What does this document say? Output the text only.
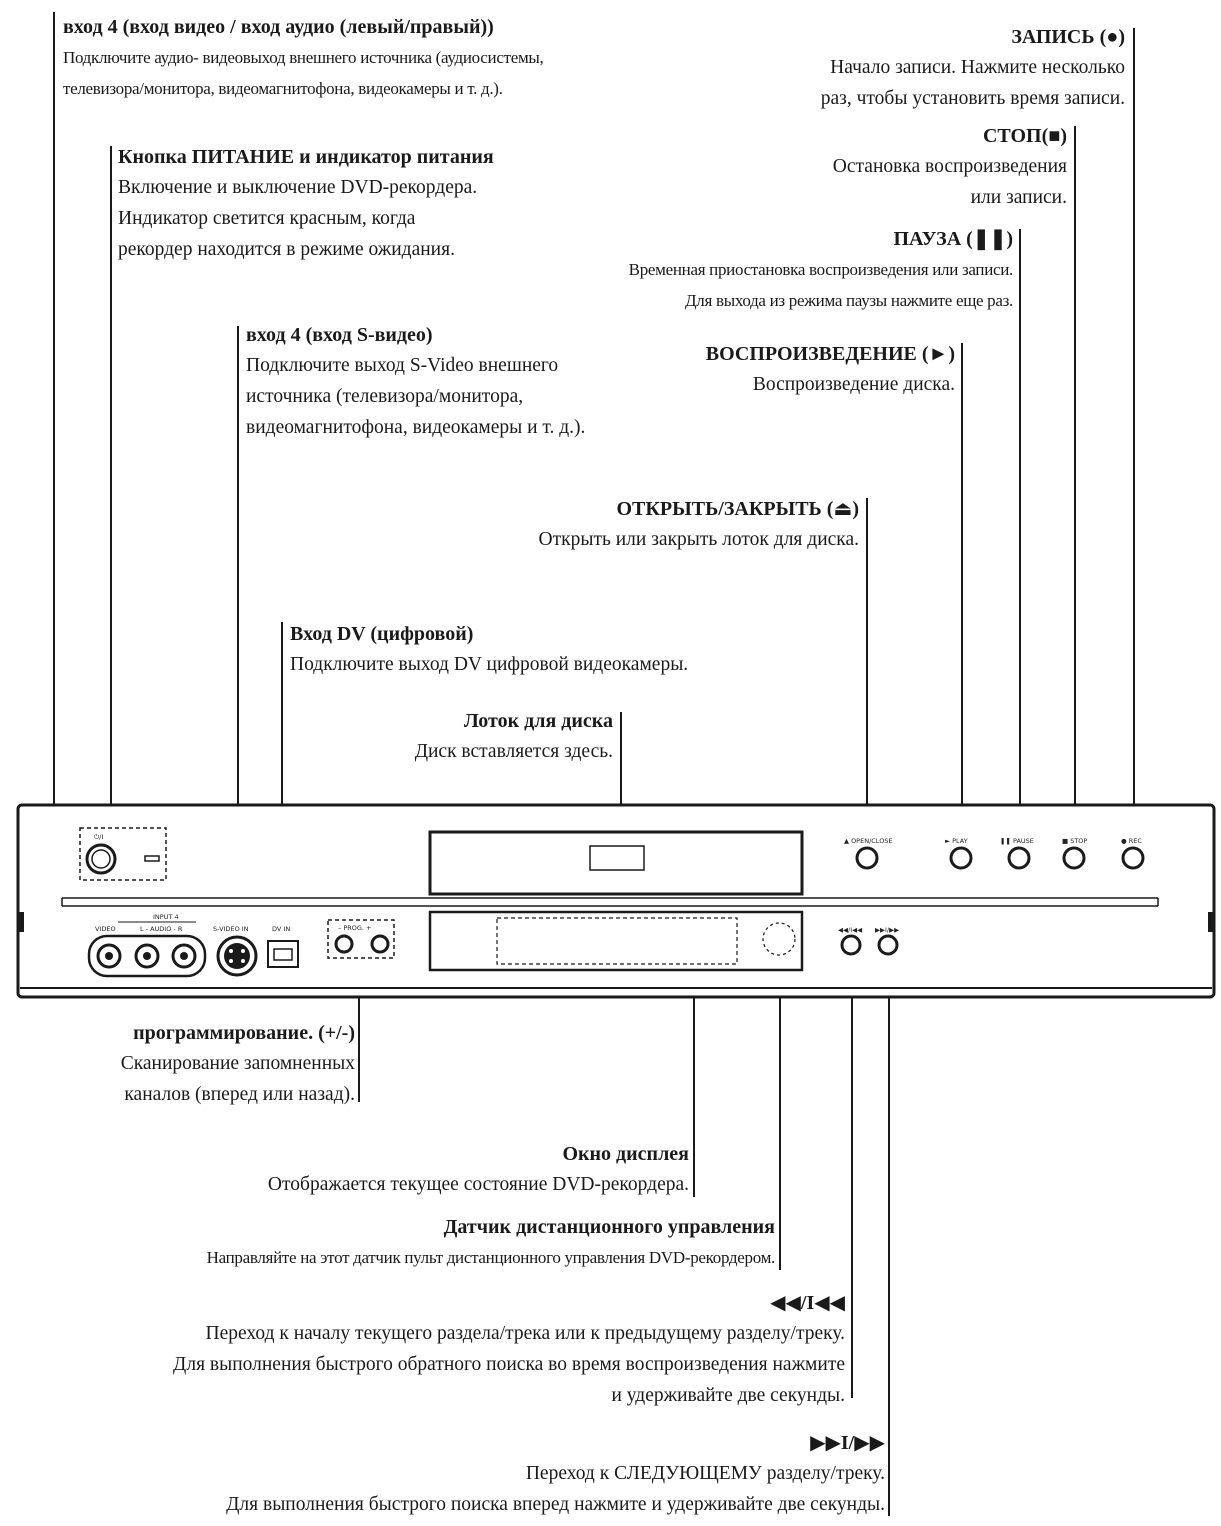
вход 4 (вход видео / вход аудио (левый/правый))
Подключите аудио- видеовыход внешнего источника (аудиосистемы,
телевизора/монитора, видеомагнитофона, видеокамеры и т. д.).
Кнопка ПИТАНИЕ и индикатор питания
Включение и выключение DVD-рекордера.
Индикатор светится красным, когда
рекордер находится в режиме ожидания.
вход 4 (вход S-видео)
Подключите выход S-Video внешнего
источника (телевизора/монитора,
видеомагнитофона, видеокамеры и т. д.).
Вход DV (цифровой)
Подключите выход DV цифровой видеокамеры.
Лоток для диска
Диск вставляется здесь.
ЗАПИСЬ (●)
Начало записи. Нажмите несколько
раз, чтобы установить время записи.
СТОП(■)
Остановка воспроизведения
или записи.
ПАУЗА (❚❚)
Временная приостановка воспроизведения или записи.
Для выхода из режима паузы нажмите еще раз.
ВОСПРОИЗВЕДЕНИЕ (►)
Воспроизведение диска.
ОТКРЫТЬ/ЗАКРЫТЬ (⏏)
Открыть или закрыть лоток для диска.
программирование. (+/-)
Сканирование запомненных
каналов (вперед или назад).
Окно дисплея
Отображается текущее состояние DVD-рекордера.
Датчик дистанционного управления
Направляйте на этот датчик пульт дистанционного управления DVD-рекордером.
◀◀/I◀◀
Переход к началу текущего раздела/трека или к предыдущему разделу/треку.
Для выполнения быстрого обратного поиска во время воспроизведения нажмите
и удерживайте две секунды.
▶▶I/▶▶
Переход к СЛЕДУЮЩЕМУ разделу/треку.
Для выполнения быстрого поиска вперед нажмите и удерживайте две секунды.
⏻/I	▲ OPEN/CLOSE	► PLAY	❚❚ PAUSE	■ STOP	● REC
INPUT 4
VIDEO	L - AUDIO - R	S-VIDEO IN	DV IN	– PROG. +	◀◀/I◀◀ ▶▶I/▶▶
